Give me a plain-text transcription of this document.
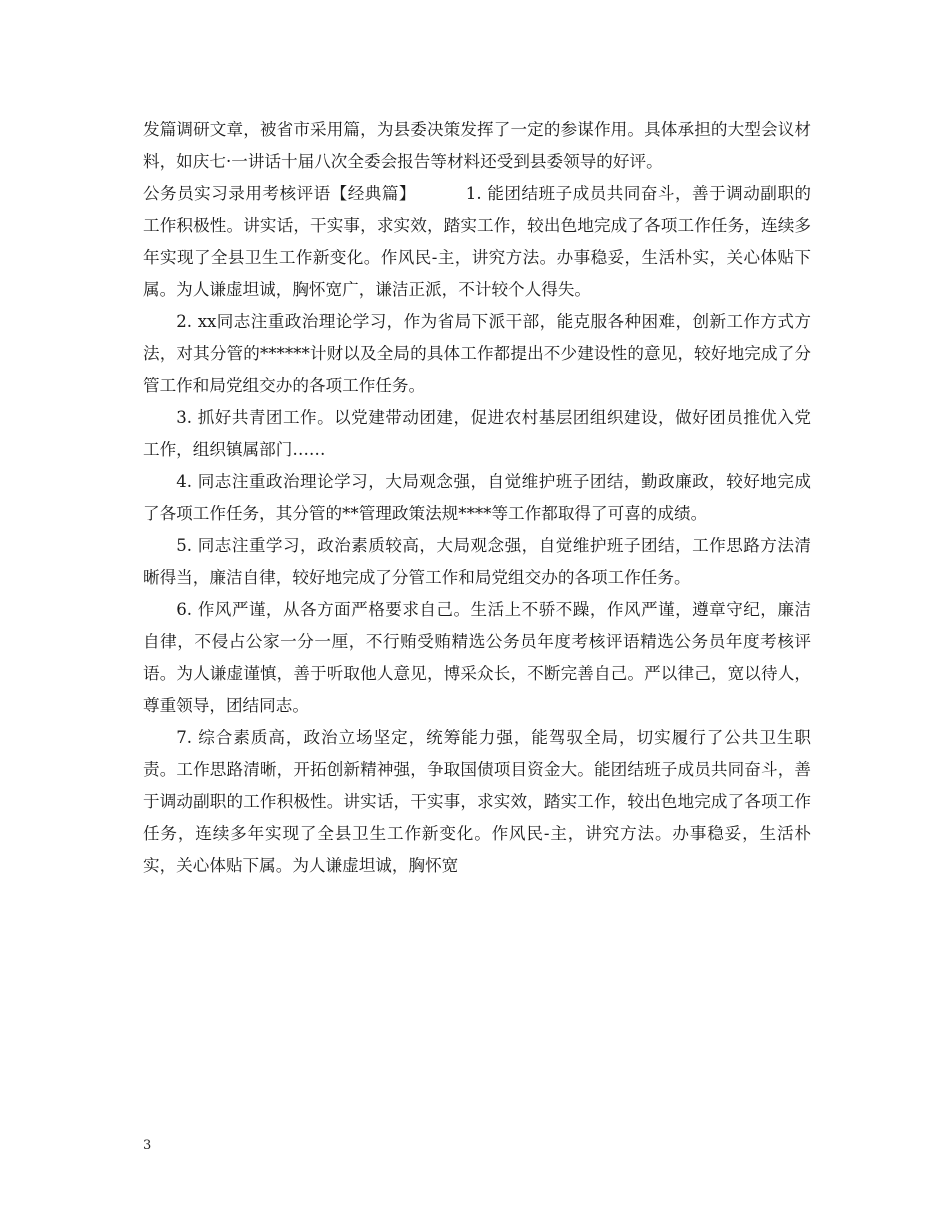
发篇调研文章，被省市采用篇，为县委决策发挥了一定的参谋作用。具体承担的大型会议材料，如庆七·一讲话十届八次全委会报告等材料还受到县委领导的好评。

公务员实习录用考核评语【经典篇】	1. 能团结班子成员共同奋斗，善于调动副职的工作积极性。讲实话，干实事，求实效，踏实工作，较出色地完成了各项工作任务，连续多年实现了全县卫生工作新变化。作风民-主，讲究方法。办事稳妥，生活朴实，关心体贴下属。为人谦虚坦诚，胸怀宽广，谦洁正派，不计较个人得失。

2. xx同志注重政治理论学习，作为省局下派干部，能克服各种困难，创新工作方式方法，对其分管的******计财以及全局的具体工作都提出不少建设性的意见，较好地完成了分管工作和局党组交办的各项工作任务。

3. 抓好共青团工作。以党建带动团建，促进农村基层团组织建设，做好团员推优入党工作，组织镇属部门……

4. 同志注重政治理论学习，大局观念强，自觉维护班子团结，勤政廉政，较好地完成了各项工作任务，其分管的**管理政策法规****等工作都取得了可喜的成绩。

5. 同志注重学习，政治素质较高，大局观念强，自觉维护班子团结，工作思路方法清晰得当，廉洁自律，较好地完成了分管工作和局党组交办的各项工作任务。

6. 作风严谨，从各方面严格要求自己。生活上不骄不躁，作风严谨，遵章守纪，廉洁自律，不侵占公家一分一厘，不行贿受贿精选公务员年度考核评语精选公务员年度考核评语。为人谦虚谨慎，善于听取他人意见，博采众长，不断完善自己。严以律己，宽以待人，尊重领导，团结同志。

7. 综合素质高，政治立场坚定，统筹能力强，能驾驭全局，切实履行了公共卫生职责。工作思路清晰，开拓创新精神强，争取国债项目资金大。能团结班子成员共同奋斗，善于调动副职的工作积极性。讲实话，干实事，求实效，踏实工作，较出色地完成了各项工作任务，连续多年实现了全县卫生工作新变化。作风民-主，讲究方法。办事稳妥，生活朴实，关心体贴下属。为人谦虚坦诚，胸怀宽

3
